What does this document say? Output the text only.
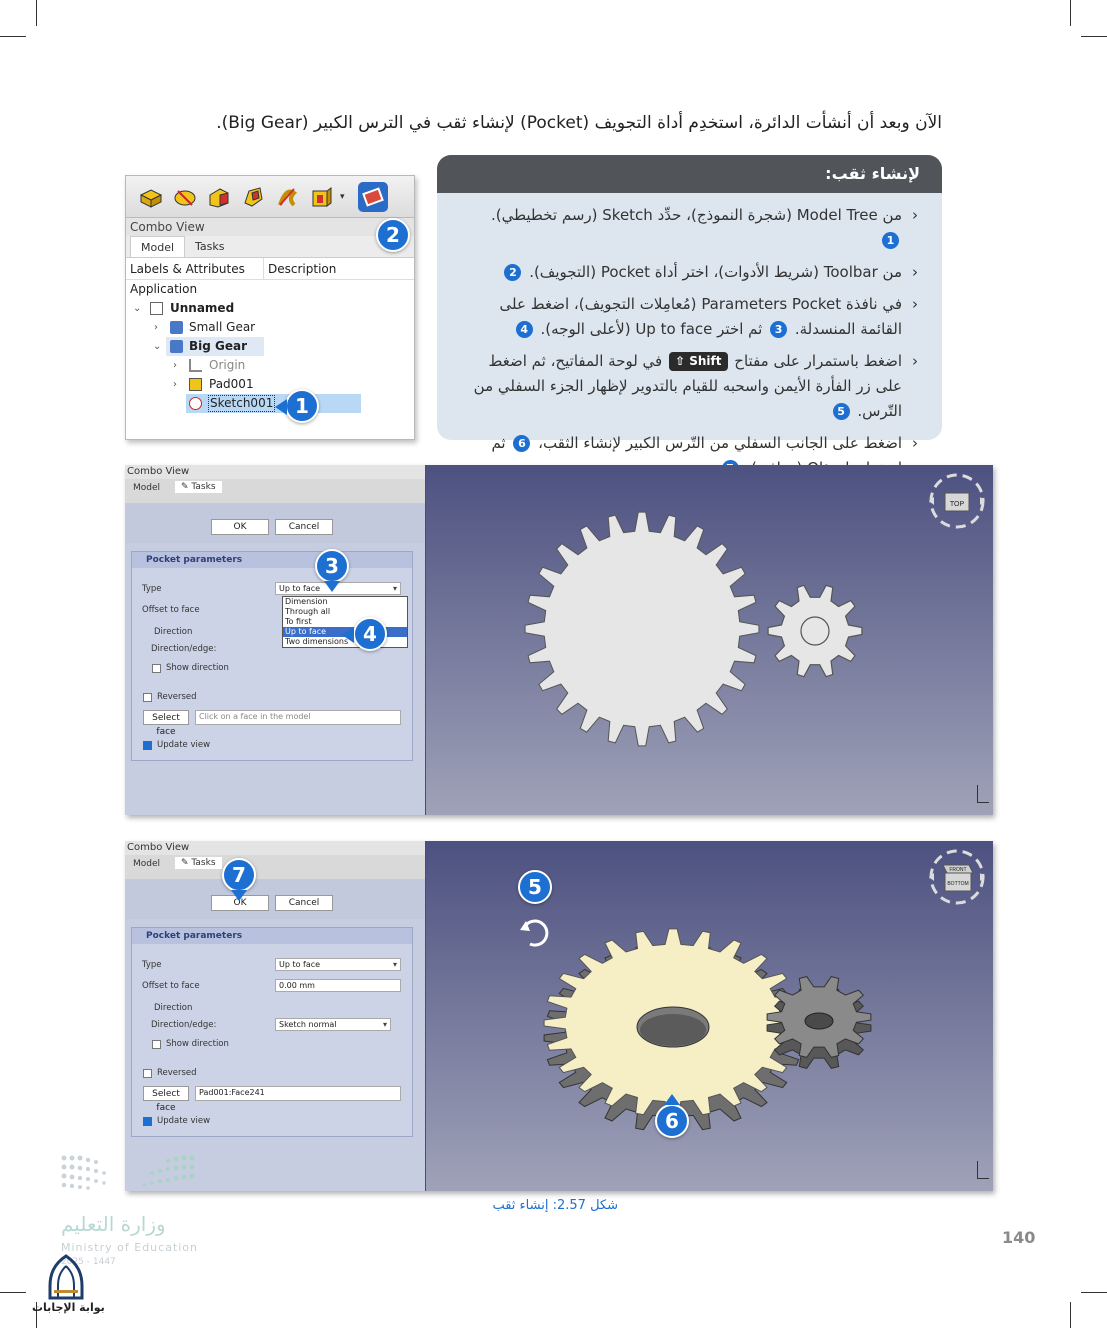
الآن وبعد أن أنشأت الدائرة، استخدِم أداة التجويف (Pocket) لإنشاء ثقب في الترس الكبير (Big Gear).
لإنشاء ثقب:
‹ من Model Tree (شجرة النموذج)، حدِّد Sketch (رسم تخطيطي). 1
‹ من Toolbar (شريط الأدوات)، اختر أداة Pocket (التجويف). 2
‹ في نافذة Parameters Pocket (مُعامِلات التجويف)، اضغط على القائمة المنسدلة. 3 ثم اختر Up to face (لأعلى الوجه). 4
‹ اضغط باستمرار على مفتاح ⇧ Shift في لوحة المفاتيح، ثم اضغط على زر الفأرة الأيمن واسحبه للقيام بالتدوير لإظهار الجزء السفلي من التّرس. 5
‹ اضغط على الجانب السفلي من التّرس الكبير لإنشاء الثقب، 6 ثم
▾
Combo View
Model	Tasks
Labels & Attributes	Description
Application
⌄ Unnamed
›	Small Gear
⌄ Big Gear
›	Origin
›	Pad001
Sketch001
2
1
Combo View
Model	✎ Tasks
OK	Cancel
Pocket parameters
Type	Up to face ▾
Offset to face
Direction
Direction/edge:
Show direction
Reversed
Select face
Click on a face in the model
Update view
Dimension
Through all
To first
Up to face
Two dimensions
TOP
3
4
Combo View
Model	✎ Tasks
OK	Cancel
Pocket parameters
Type	Up to face ▾
Offset to face	0.00 mm
Direction
Direction/edge:	Sketch normal ▾
Show direction
Reversed
Select face
Pad001:Face241
Update view
FRONT
BOTTOM
7	5
6
شكل 2.57: إنشاء ثقب
140
وزارة التعليم
Ministry of Education
2025 - 1447
بوابة الإجابات
